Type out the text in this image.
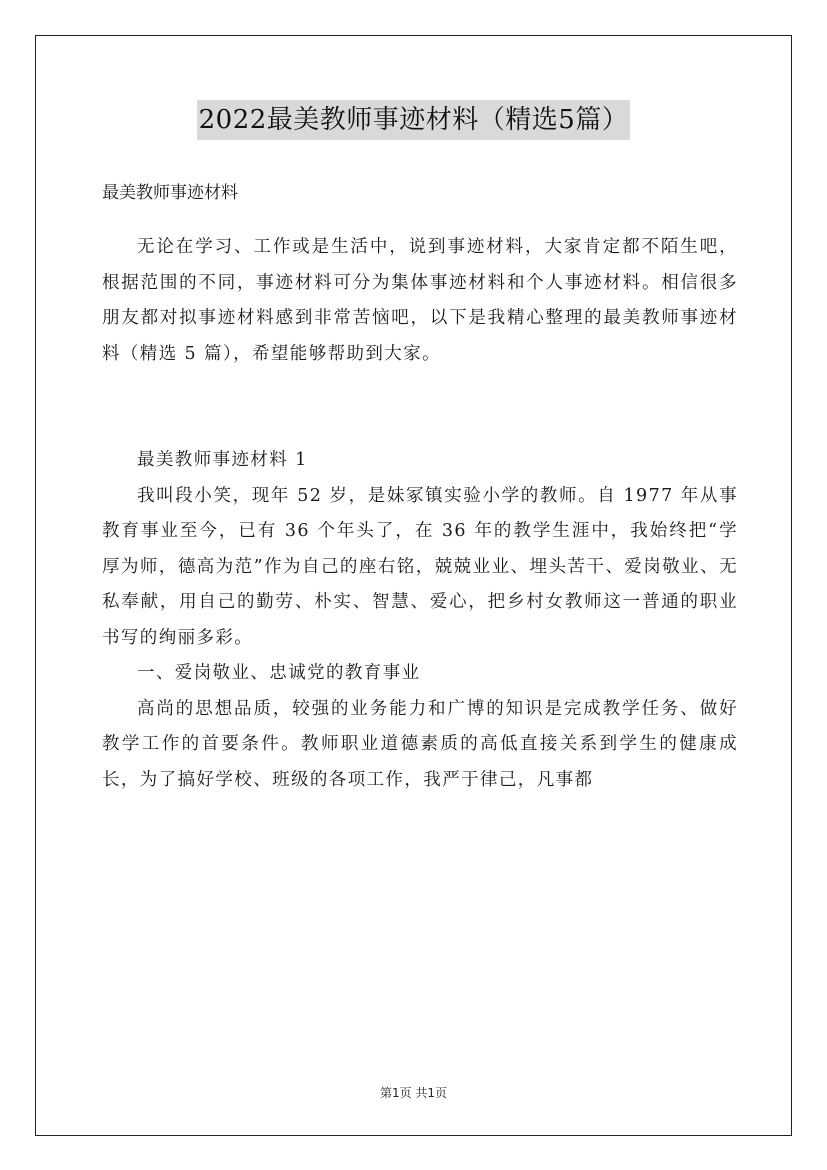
2022最美教师事迹材料（精选5篇）
最美教师事迹材料

无论在学习、工作或是生活中，说到事迹材料，大家肯定都不陌生吧，根据范围的不同，事迹材料可分为集体事迹材料和个人事迹材料。相信很多朋友都对拟事迹材料感到非常苦恼吧，以下是我精心整理的最美教师事迹材料（精选 5 篇），希望能够帮助到大家。

最美教师事迹材料 1

我叫段小笑，现年 52 岁，是妹冢镇实验小学的教师。自 1977 年从事教育事业至今，已有 36 个年头了，在 36 年的教学生涯中，我始终把“学厚为师，德高为范”作为自己的座右铭，兢兢业业、埋头苦干、爱岗敬业、无私奉献，用自己的勤劳、朴实、智慧、爱心，把乡村女教师这一普通的职业书写的绚丽多彩。

一、爱岗敬业、忠诚党的教育事业

高尚的思想品质，较强的业务能力和广博的知识是完成教学任务、做好教学工作的首要条件。教师职业道德素质的高低直接关系到学生的健康成长，为了搞好学校、班级的各项工作，我严于律己，凡事都

第1页 共1页
